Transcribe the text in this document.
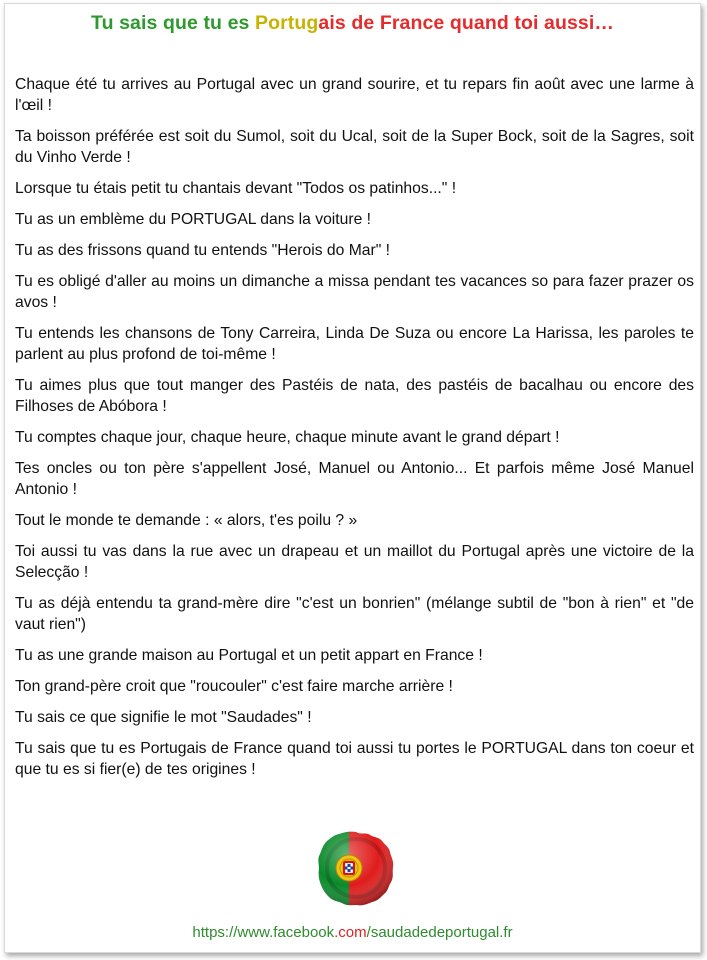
Tu sais que tu es Portugais de France quand toi aussi…

Chaque été tu arrives au Portugal avec un grand sourire, et tu repars fin août avec une larme à l'œil !

Ta boisson préférée est soit du Sumol, soit du Ucal, soit de la Super Bock, soit de la Sagres, soit du Vinho Verde !

Lorsque tu étais petit tu chantais devant "Todos os patinhos..." !

Tu as un emblème du PORTUGAL dans la voiture !

Tu as des frissons quand tu entends "Herois do Mar" !

Tu es obligé d'aller au moins un dimanche a missa pendant tes vacances so para fazer prazer os avos !

Tu entends les chansons de Tony Carreira, Linda De Suza ou encore La Harissa, les paroles te parlent au plus profond de toi-même !

Tu aimes plus que tout manger des Pastéis de nata, des pastéis de bacalhau ou encore des Filhoses de Abóbora !

Tu comptes chaque jour, chaque heure, chaque minute avant le grand départ !

Tes oncles ou ton père s'appellent José, Manuel ou Antonio... Et parfois même José Manuel Antonio !

Tout le monde te demande : « alors, t'es poilu ? »

Toi aussi tu vas dans la rue avec un drapeau et un maillot du Portugal après une victoire de la Selecção !

Tu as déjà entendu ta grand-mère dire "c'est un bonrien" (mélange subtil de "bon à rien" et "de vaut rien")

Tu as une grande maison au Portugal et un petit appart en France !

Ton grand-père croit que "roucouler" c'est faire marche arrière !

Tu sais ce que signifie le mot "Saudades" !

Tu sais que tu es Portugais de France quand toi aussi tu portes le PORTUGAL dans ton coeur et que tu es si fier(e) de tes origines !

https://www.facebook.com/saudadedeportugal.fr
